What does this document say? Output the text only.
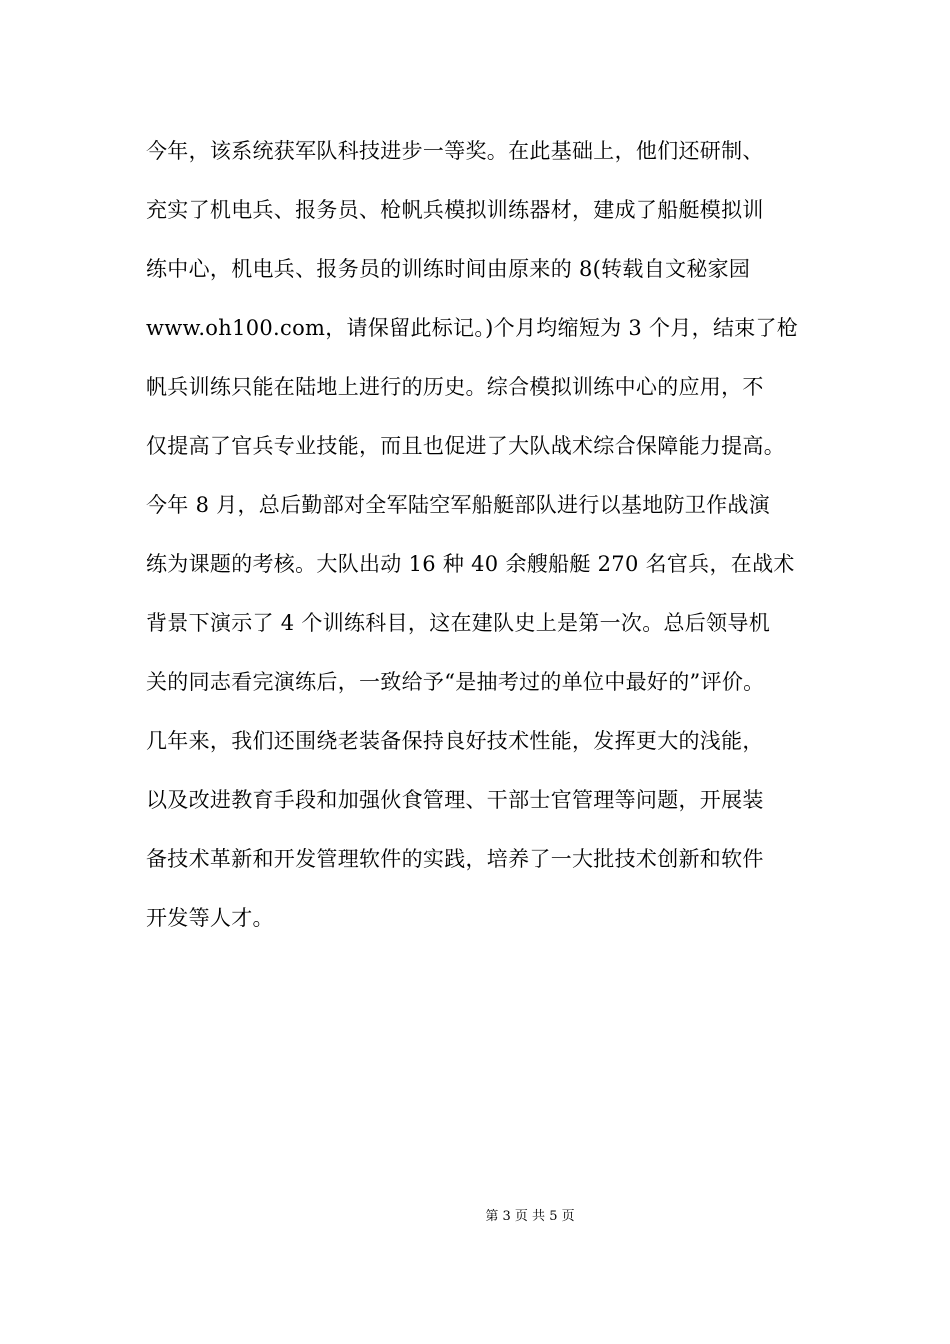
今年，该系统获军队科技进步一等奖。在此基础上，他们还研制、
充实了机电兵、报务员、枪帆兵模拟训练器材，建成了船艇模拟训
练中心，机电兵、报务员的训练时间由原来的 8(转载自文秘家园
www.oh100.com，请保留此标记。)个月均缩短为 3 个月，结束了枪
帆兵训练只能在陆地上进行的历史。综合模拟训练中心的应用，不
仅提高了官兵专业技能，而且也促进了大队战术综合保障能力提高。
今年 8 月，总后勤部对全军陆空军船艇部队进行以基地防卫作战演
练为课题的考核。大队出动 16 种 40 余艘船艇 270 名官兵，在战术
背景下演示了 4 个训练科目，这在建队史上是第一次。总后领导机
关的同志看完演练后，一致给予“是抽考过的单位中最好的”评价。
几年来，我们还围绕老装备保持良好技术性能，发挥更大的浅能，
以及改进教育手段和加强伙食管理、干部士官管理等问题，开展装
备技术革新和开发管理软件的实践，培养了一大批技术创新和软件
开发等人才。
第 3 页 共 5 页
